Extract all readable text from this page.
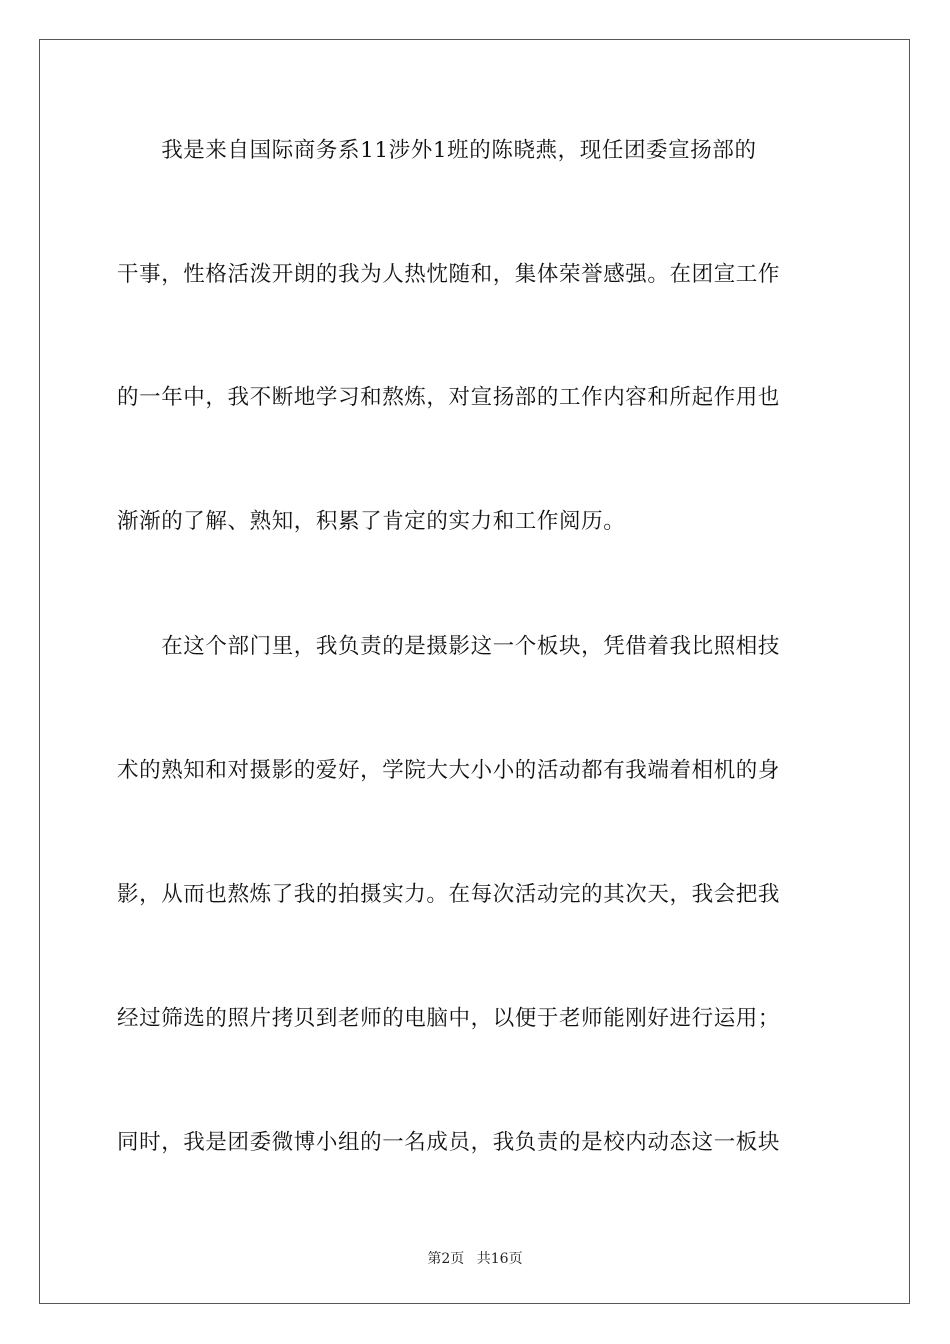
　　我是来自国际商务系11涉外1班的陈晓燕，现任团委宣扬部的
干事，性格活泼开朗的我为人热忱随和，集体荣誉感强。在团宣工作
的一年中，我不断地学习和熬炼，对宣扬部的工作内容和所起作用也
渐渐的了解、熟知，积累了肯定的实力和工作阅历。
　　在这个部门里，我负责的是摄影这一个板块，凭借着我比照相技
术的熟知和对摄影的爱好，学院大大小小的活动都有我端着相机的身
影，从而也熬炼了我的拍摄实力。在每次活动完的其次天，我会把我
经过筛选的照片拷贝到老师的电脑中，以便于老师能刚好进行运用；
同时，我是团委微博小组的一名成员，我负责的是校内动态这一板块
第2页 共16页
